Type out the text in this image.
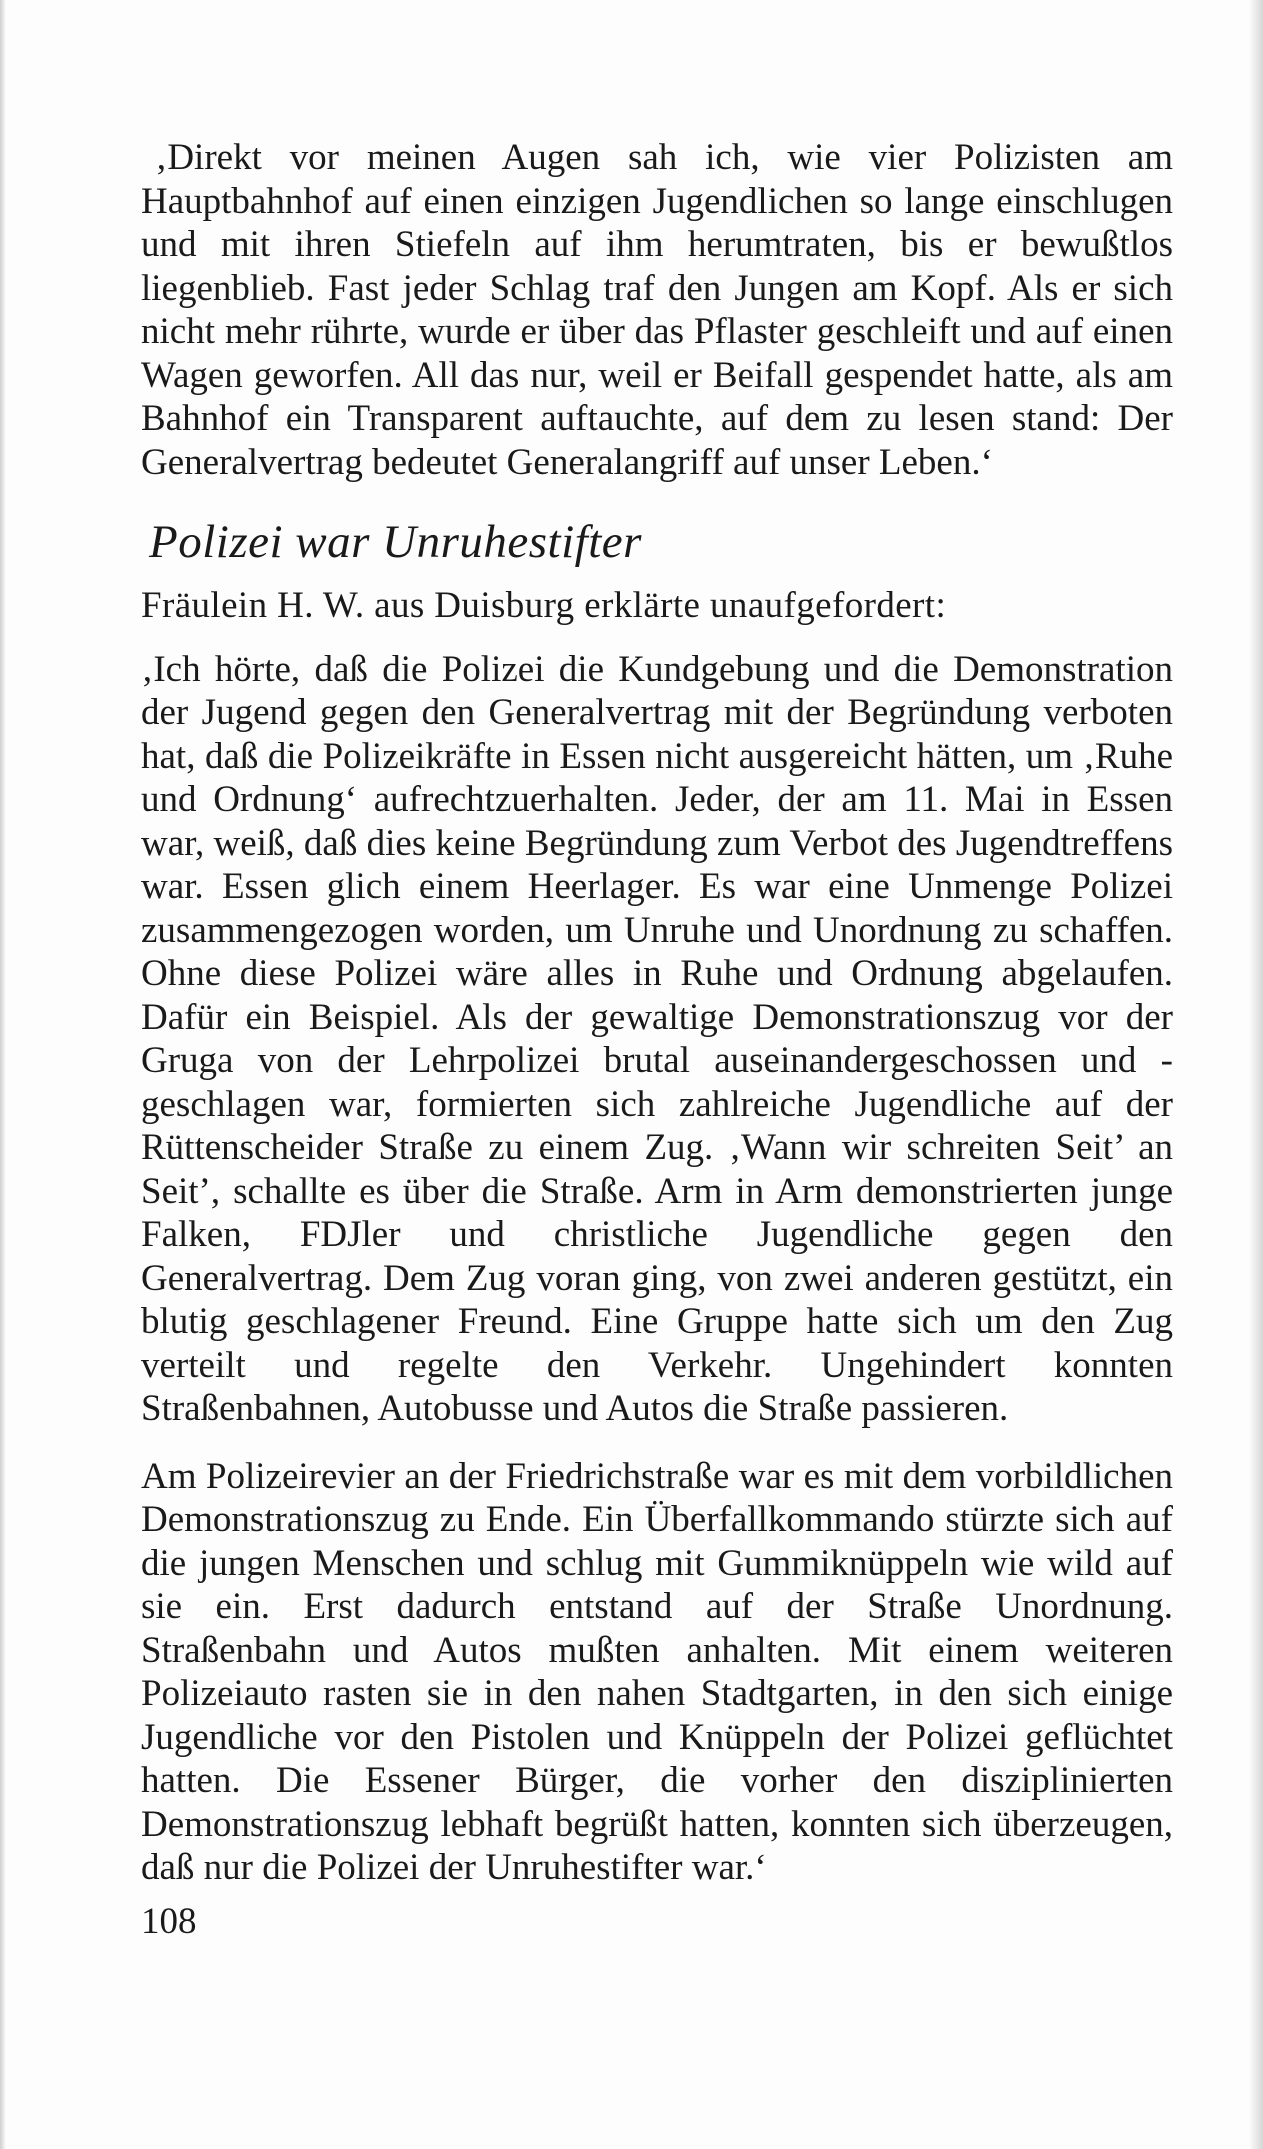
‚Direkt vor meinen Augen sah ich, wie vier Polizisten am Hauptbahnhof auf einen einzigen Jugendlichen so lange einschlugen und mit ihren Stiefeln auf ihm herumtraten, bis er bewußtlos liegenblieb. Fast jeder Schlag traf den Jungen am Kopf. Als er sich nicht mehr rührte, wurde er über das Pflaster geschleift und auf einen Wagen geworfen. All das nur, weil er Beifall gespendet hatte, als am Bahnhof ein Transparent auftauchte, auf dem zu lesen stand: Der Generalvertrag bedeutet Generalangriff auf unser Leben.‘

Polizei war Unruhestifter

Fräulein H. W. aus Duisburg erklärte unaufgefordert:

‚Ich hörte, daß die Polizei die Kundgebung und die Demonstration der Jugend gegen den Generalvertrag mit der Begründung verboten hat, daß die Polizeikräfte in Essen nicht ausgereicht hätten, um ‚Ruhe und Ordnung‘ aufrechtzuerhalten. Jeder, der am 11. Mai in Essen war, weiß, daß dies keine Begründung zum Verbot des Jugendtreffens war. Essen glich einem Heerlager. Es war eine Unmenge Polizei zusammengezogen worden, um Unruhe und Unordnung zu schaffen. Ohne diese Polizei wäre alles in Ruhe und Ordnung abgelaufen. Dafür ein Beispiel. Als der gewaltige Demonstrationszug vor der Gruga von der Lehrpolizei brutal auseinandergeschossen und -geschlagen war, formierten sich zahlreiche Jugendliche auf der Rüttenscheider Straße zu einem Zug. ‚Wann wir schreiten Seit’ an Seit’, schallte es über die Straße. Arm in Arm demonstrierten junge Falken, FDJler und christliche Jugendliche gegen den Generalvertrag. Dem Zug voran ging, von zwei anderen gestützt, ein blutig geschlagener Freund. Eine Gruppe hatte sich um den Zug verteilt und regelte den Verkehr. Ungehindert konnten Straßenbahnen, Autobusse und Autos die Straße passieren.

Am Polizeirevier an der Friedrichstraße war es mit dem vorbildlichen Demonstrationszug zu Ende. Ein Überfallkommando stürzte sich auf die jungen Menschen und schlug mit Gummiknüppeln wie wild auf sie ein. Erst dadurch entstand auf der Straße Unordnung. Straßenbahn und Autos mußten anhalten. Mit einem weiteren Polizeiauto rasten sie in den nahen Stadtgarten, in den sich einige Jugendliche vor den Pistolen und Knüppeln der Polizei geflüchtet hatten. Die Essener Bürger, die vorher den disziplinierten Demonstrationszug lebhaft begrüßt hatten, konnten sich überzeugen, daß nur die Polizei der Unruhestifter war.‘

108
